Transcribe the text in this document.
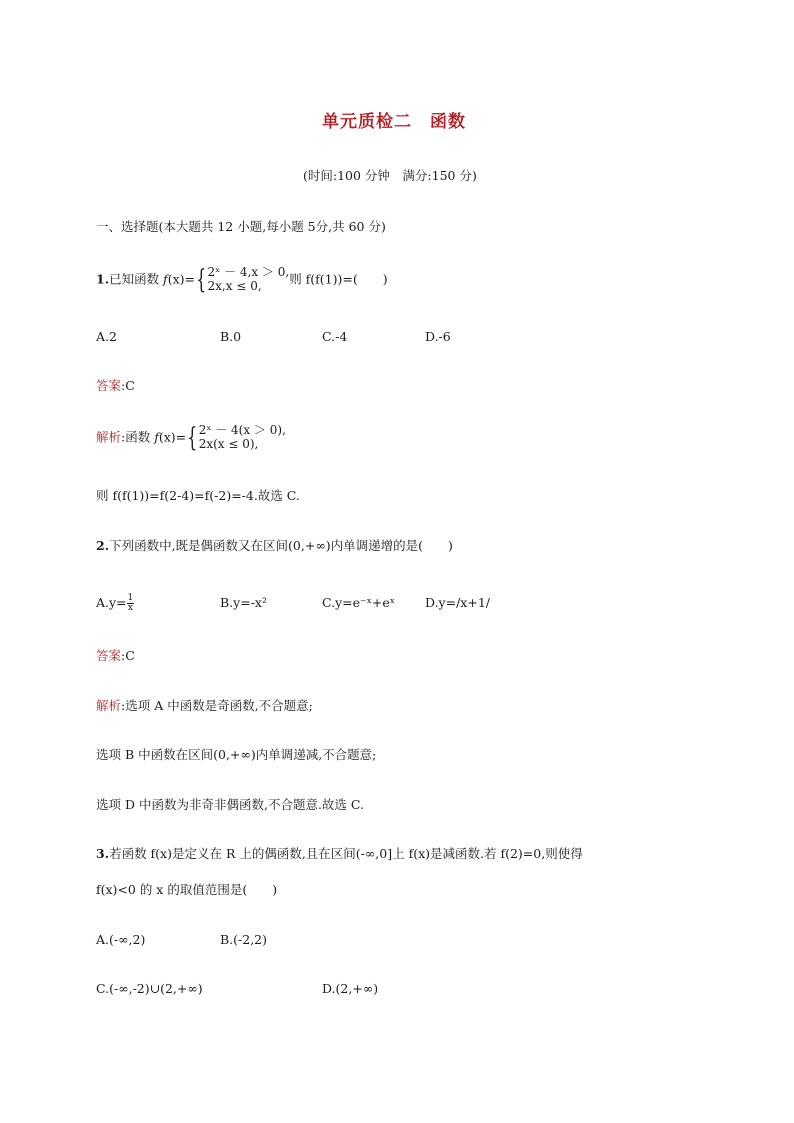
单元质检二　函数
(时间:100 分钟　满分:150 分)
一、选择题(本大题共 12 小题,每小题 5分,共 60 分)
1.已知函数 f(x)={ 2ˣ － 4,x ＞ 0,
2x,x ≤ 0,	则 f(f(1))=(　　)
A.2	B.0	C.-4	D.-6
答案:C
解析:函数 f(x)={ 2ˣ － 4(x ＞ 0),
2x(x ≤ 0),
则 f(f(1))=f(2-4)=f(-2)=-4.故选 C.
2.下列函数中,既是偶函数又在区间(0,+∞)内单调递增的是(　　)
$A.y= \frac{1}{x}$	B.y=-x²	C.y=e⁻ˣ+eˣ D.y=/x+1/
答案:C
解析:选项 A 中函数是奇函数,不合题意;
选项 B 中函数在区间(0,+∞)内单调递减,不合题意;
选项 D 中函数为非奇非偶函数,不合题意.故选 C.
3.若函数 f(x)是定义在 R 上的偶函数,且在区间(-∞,0]上 f(x)是减函数.若 f(2)=0,则使得
f(x)<0 的 x 的取值范围是(　　)
A.(-∞,2)	B.(-2,2)
C.(-∞,-2)∪(2,+∞)	D.(2,+∞)
